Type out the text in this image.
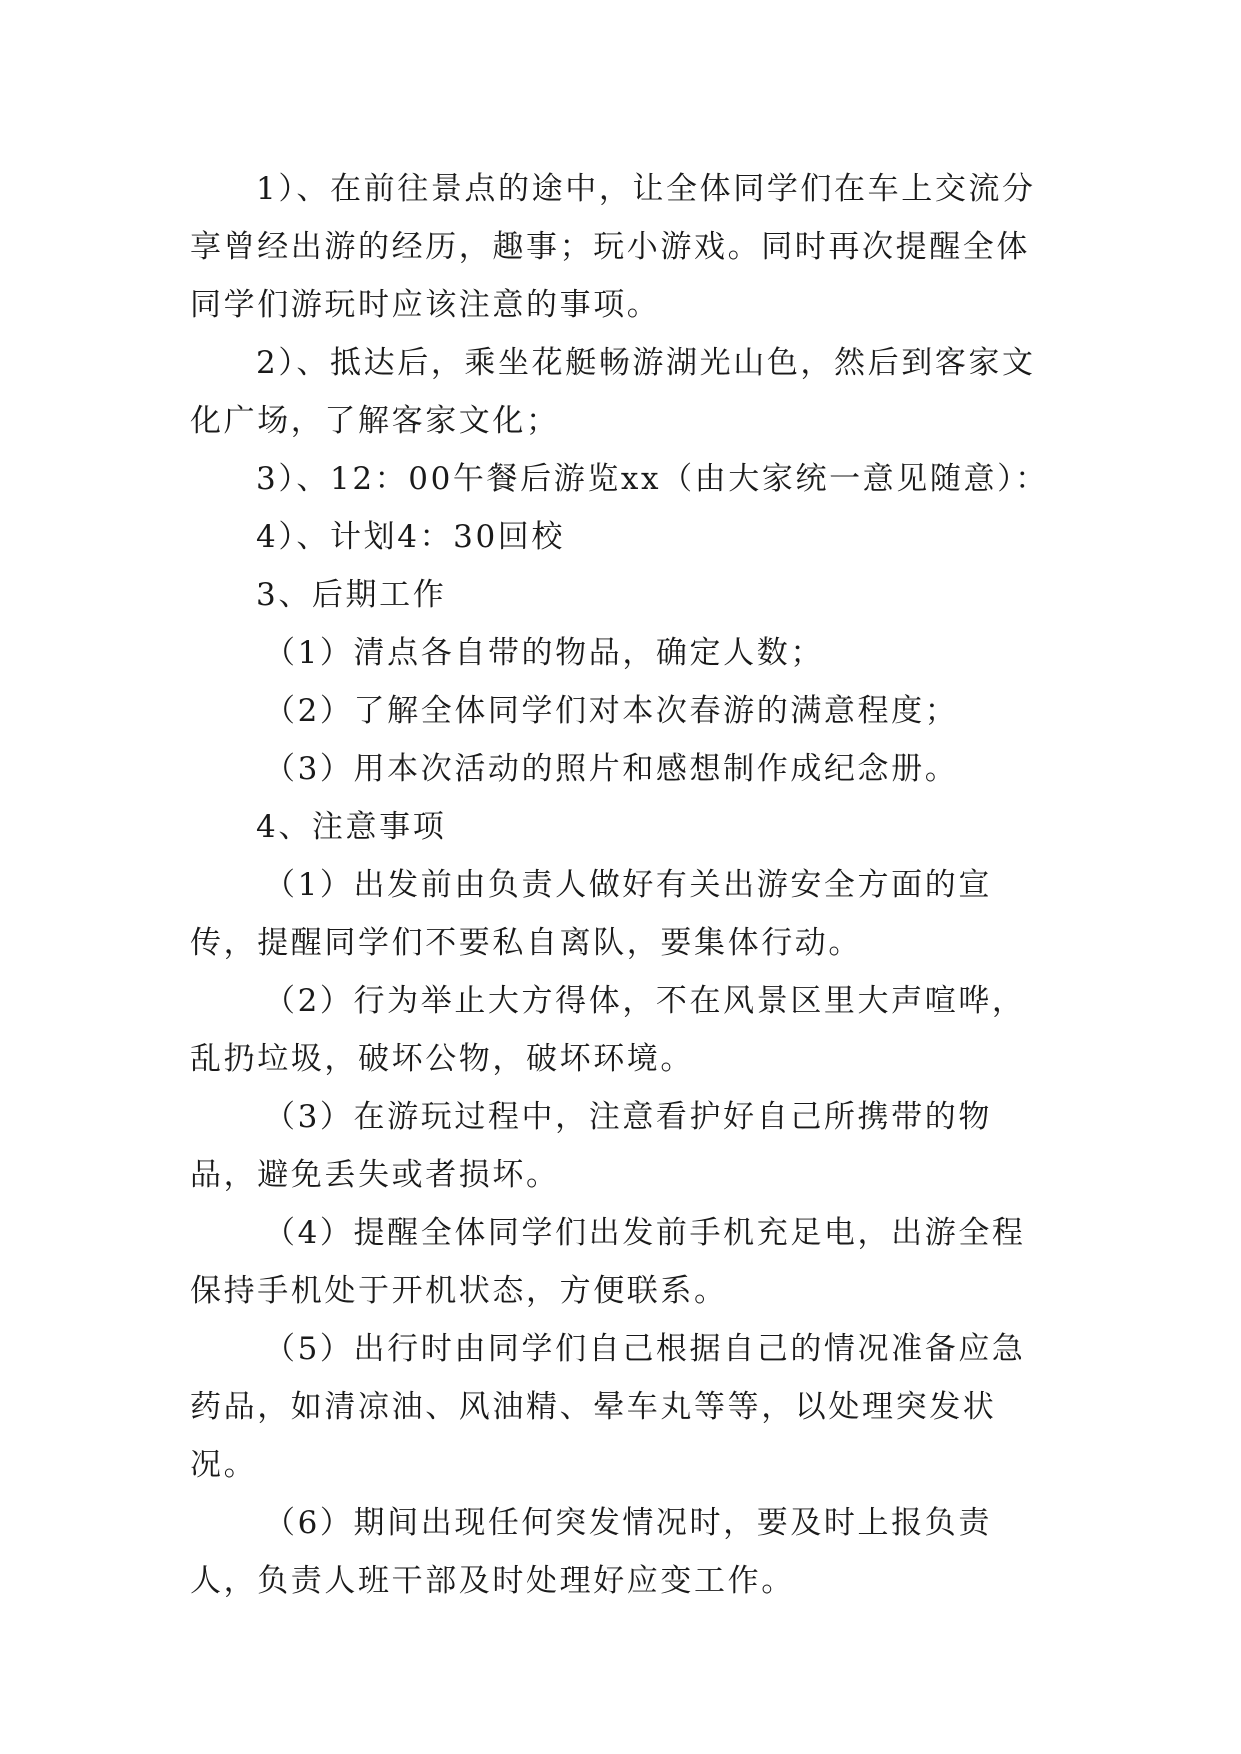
1）、在前往景点的途中，让全体同学们在车上交流分享曾经出游的经历，趣事；玩小游戏。同时再次提醒全体同学们游玩时应该注意的事项。

2）、抵达后，乘坐花艇畅游湖光山色，然后到客家文化广场，了解客家文化；

3）、12：00午餐后游览xx（由大家统一意见随意）：

4）、计划4：30回校

3、后期工作

（1）清点各自带的物品，确定人数；

（2）了解全体同学们对本次春游的满意程度；

（3）用本次活动的照片和感想制作成纪念册。

4、注意事项

（1）出发前由负责人做好有关出游安全方面的宣传，提醒同学们不要私自离队，要集体行动。

（2）行为举止大方得体，不在风景区里大声喧哗，乱扔垃圾，破坏公物，破坏环境。

（3）在游玩过程中，注意看护好自己所携带的物品，避免丢失或者损坏。

（4）提醒全体同学们出发前手机充足电，出游全程保持手机处于开机状态，方便联系。

（5）出行时由同学们自己根据自己的情况准备应急药品，如清凉油、风油精、晕车丸等等，以处理突发状况。

（6）期间出现任何突发情况时，要及时上报负责人，负责人班干部及时处理好应变工作。
